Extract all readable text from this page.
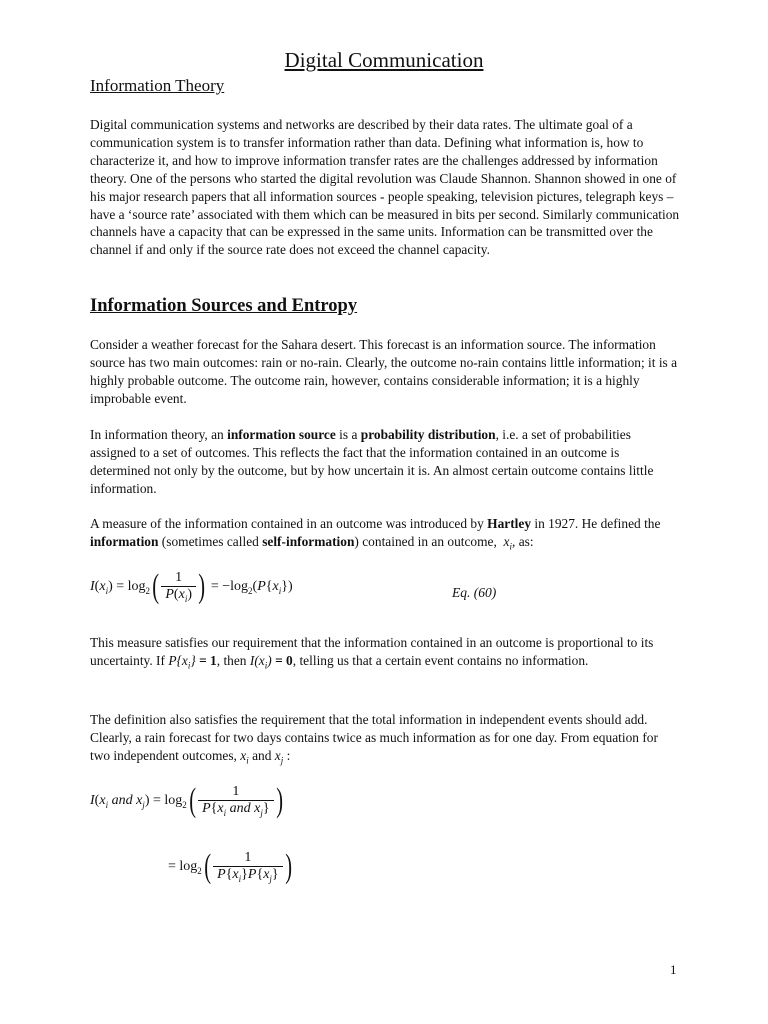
Digital Communication
Information Theory

Digital communication systems and networks are described by their data rates. The ultimate goal of a communication system is to transfer information rather than data. Defining what information is, how to characterize it, and how to improve information transfer rates are the challenges addressed by information theory. One of the persons who started the digital revolution was Claude Shannon. Shannon showed in one of his major research papers that all information sources - people speaking, television pictures, telegraph keys – have a ‘source rate’ associated with them which can be measured in bits per second. Similarly communication channels have a capacity that can be expressed in the same units. Information can be transmitted over the channel if and only if the source rate does not exceed the channel capacity.

Information Sources and Entropy

Consider a weather forecast for the Sahara desert. This forecast is an information source. The information source has two main outcomes: rain or no-rain. Clearly, the outcome no-rain contains little information; it is a highly probable outcome. The outcome rain, however, contains considerable information; it is a highly improbable event.

In information theory, an information source is a probability distribution, i.e. a set of probabilities assigned to a set of outcomes. This reflects the fact that the information contained in an outcome is determined not only by the outcome, but by how uncertain it is. An almost certain outcome contains little information.

A measure of the information contained in an outcome was introduced by Hartley in 1927. He defined the information (sometimes called self-information) contained in an outcome,  $x_i$, as:

$I(x_i) = \log_2( \frac{1}{P(x_i)}$ ) = $-\log_2(P\{x_i\})$	Eq. (60)

This measure satisfies our requirement that the information contained in an outcome is proportional to its uncertainty. If $P\{x_i\} = 1$, then $I(x_i) = 0$, telling us that a certain event contains no information.

The definition also satisfies the requirement that the total information in independent events should add. Clearly, a rain forecast for two days contains twice as much information as for one day. From equation for two independent outcomes, $x_i$ and $x_j$ :

$I(x_i$ and $x_j) = \log_2( \frac{1}{P\{x_i and x_j\}}$ )
= $\log_2( \frac{1}{P\{x_i\}P\{x_j\}}$ )
1
